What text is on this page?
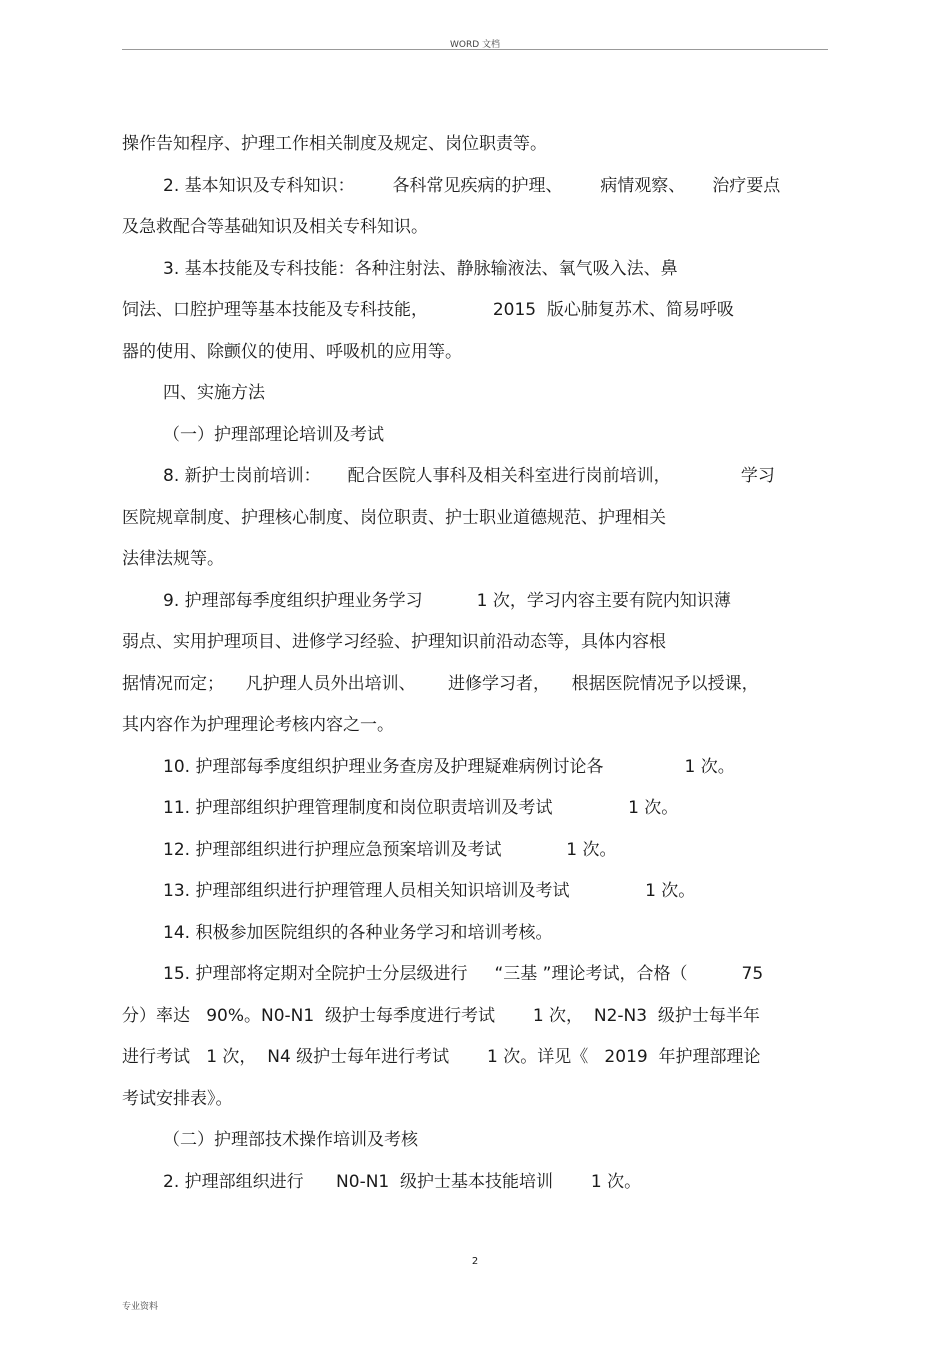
WORD 文档
操作告知程序、护理工作相关制度及规定、岗位职责等。
2. 基本知识及专科知识：       各科常见疾病的护理、       病情观察、     治疗要点
及急救配合等基础知识及相关专科知识。
3. 基本技能及专科技能：各种注射法、静脉输液法、氧气吸入法、鼻
饲法、口腔护理等基本技能及专科技能，            2015  版心肺复苏术、简易呼吸
器的使用、除颤仪的使用、呼吸机的应用等。
四、实施方法
（一）护理部理论培训及考试
8. 新护士岗前培训：     配合医院人事科及相关科室进行岗前培训，             学习
医院规章制度、护理核心制度、岗位职责、护士职业道德规范、护理相关
法律法规等。
9. 护理部每季度组织护理业务学习          1 次，学习内容主要有院内知识薄
弱点、实用护理项目、进修学习经验、护理知识前沿动态等，具体内容根
据情况而定；    凡护理人员外出培训、      进修学习者，    根据医院情况予以授课，
其内容作为护理理论考核内容之一。
10. 护理部每季度组织护理业务查房及护理疑难病例讨论各               1 次。
11. 护理部组织护理管理制度和岗位职责培训及考试              1 次。
12. 护理部组织进行护理应急预案培训及考试            1 次。
13. 护理部组织进行护理管理人员相关知识培训及考试              1 次。
14. 积极参加医院组织的各种业务学习和培训考核。
15. 护理部将定期对全院护士分层级进行     “三基 ”理论考试，合格（          75
分）率达   90%。N0-N1  级护士每季度进行考试       1 次，  N2-N3  级护士每半年
进行考试   1 次，  N4 级护士每年进行考试       1 次。详见《   2019  年护理部理论
考试安排表》。
（二）护理部技术操作培训及考核
2. 护理部组织进行      N0-N1  级护士基本技能培训       1 次。
2
专业资料
